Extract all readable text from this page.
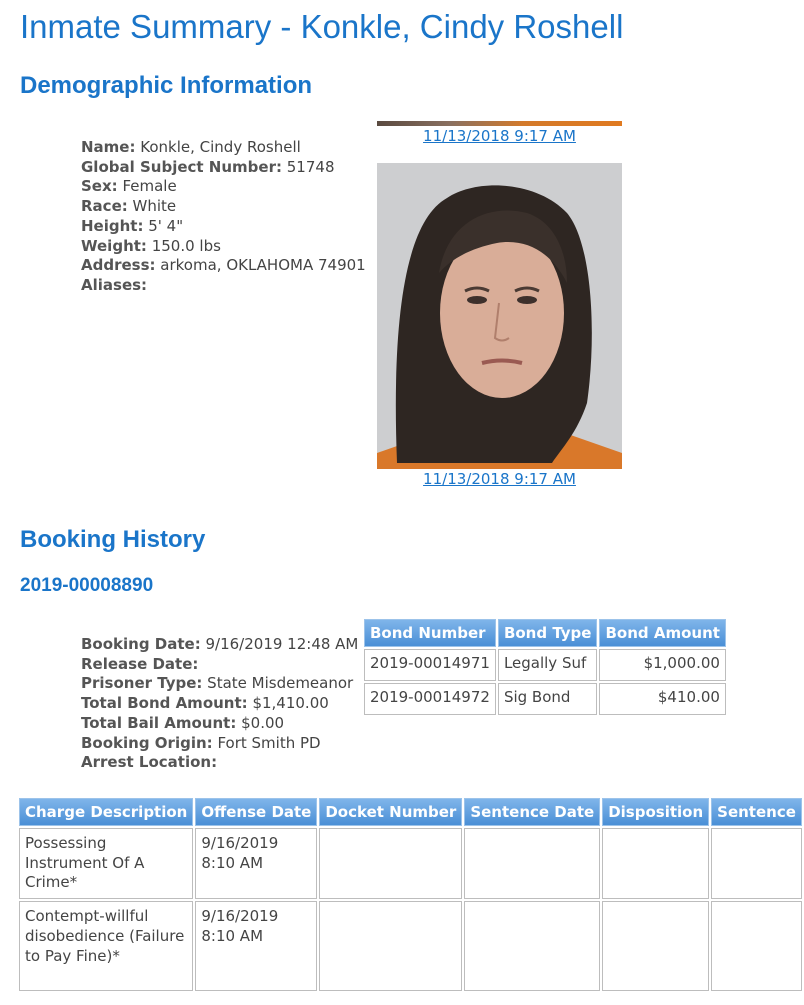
Inmate Summary - Konkle, Cindy Roshell
Demographic Information
Name: Konkle, Cindy Roshell
Global Subject Number: 51748
Sex: Female
Race: White
Height: 5' 4"
Weight: 150.0 lbs
Address: arkoma, OKLAHOMA 74901
Aliases:
11/13/2018 9:17 AM
11/13/2018 9:17 AM
Booking History
2019-00008890
Booking Date: 9/16/2019 12:48 AM
Release Date:
Prisoner Type: State Misdemeanor
Total Bond Amount: $1,410.00
Total Bail Amount: $0.00
Booking Origin: Fort Smith PD
Arrest Location:
Bond Number	Bond Type	Bond Amount
2019-00014971	Legally Suf	$1,000.00
2019-00014972	Sig Bond	$410.00
Charge Description	Offense Date	Docket Number	Sentence Date	Disposition	Sentence
Possessing Instrument Of A Crime*	9/16/2019 8:10 AM				
Contempt-willful disobedience (Failure to Pay Fine)*	9/16/2019 8:10 AM				
